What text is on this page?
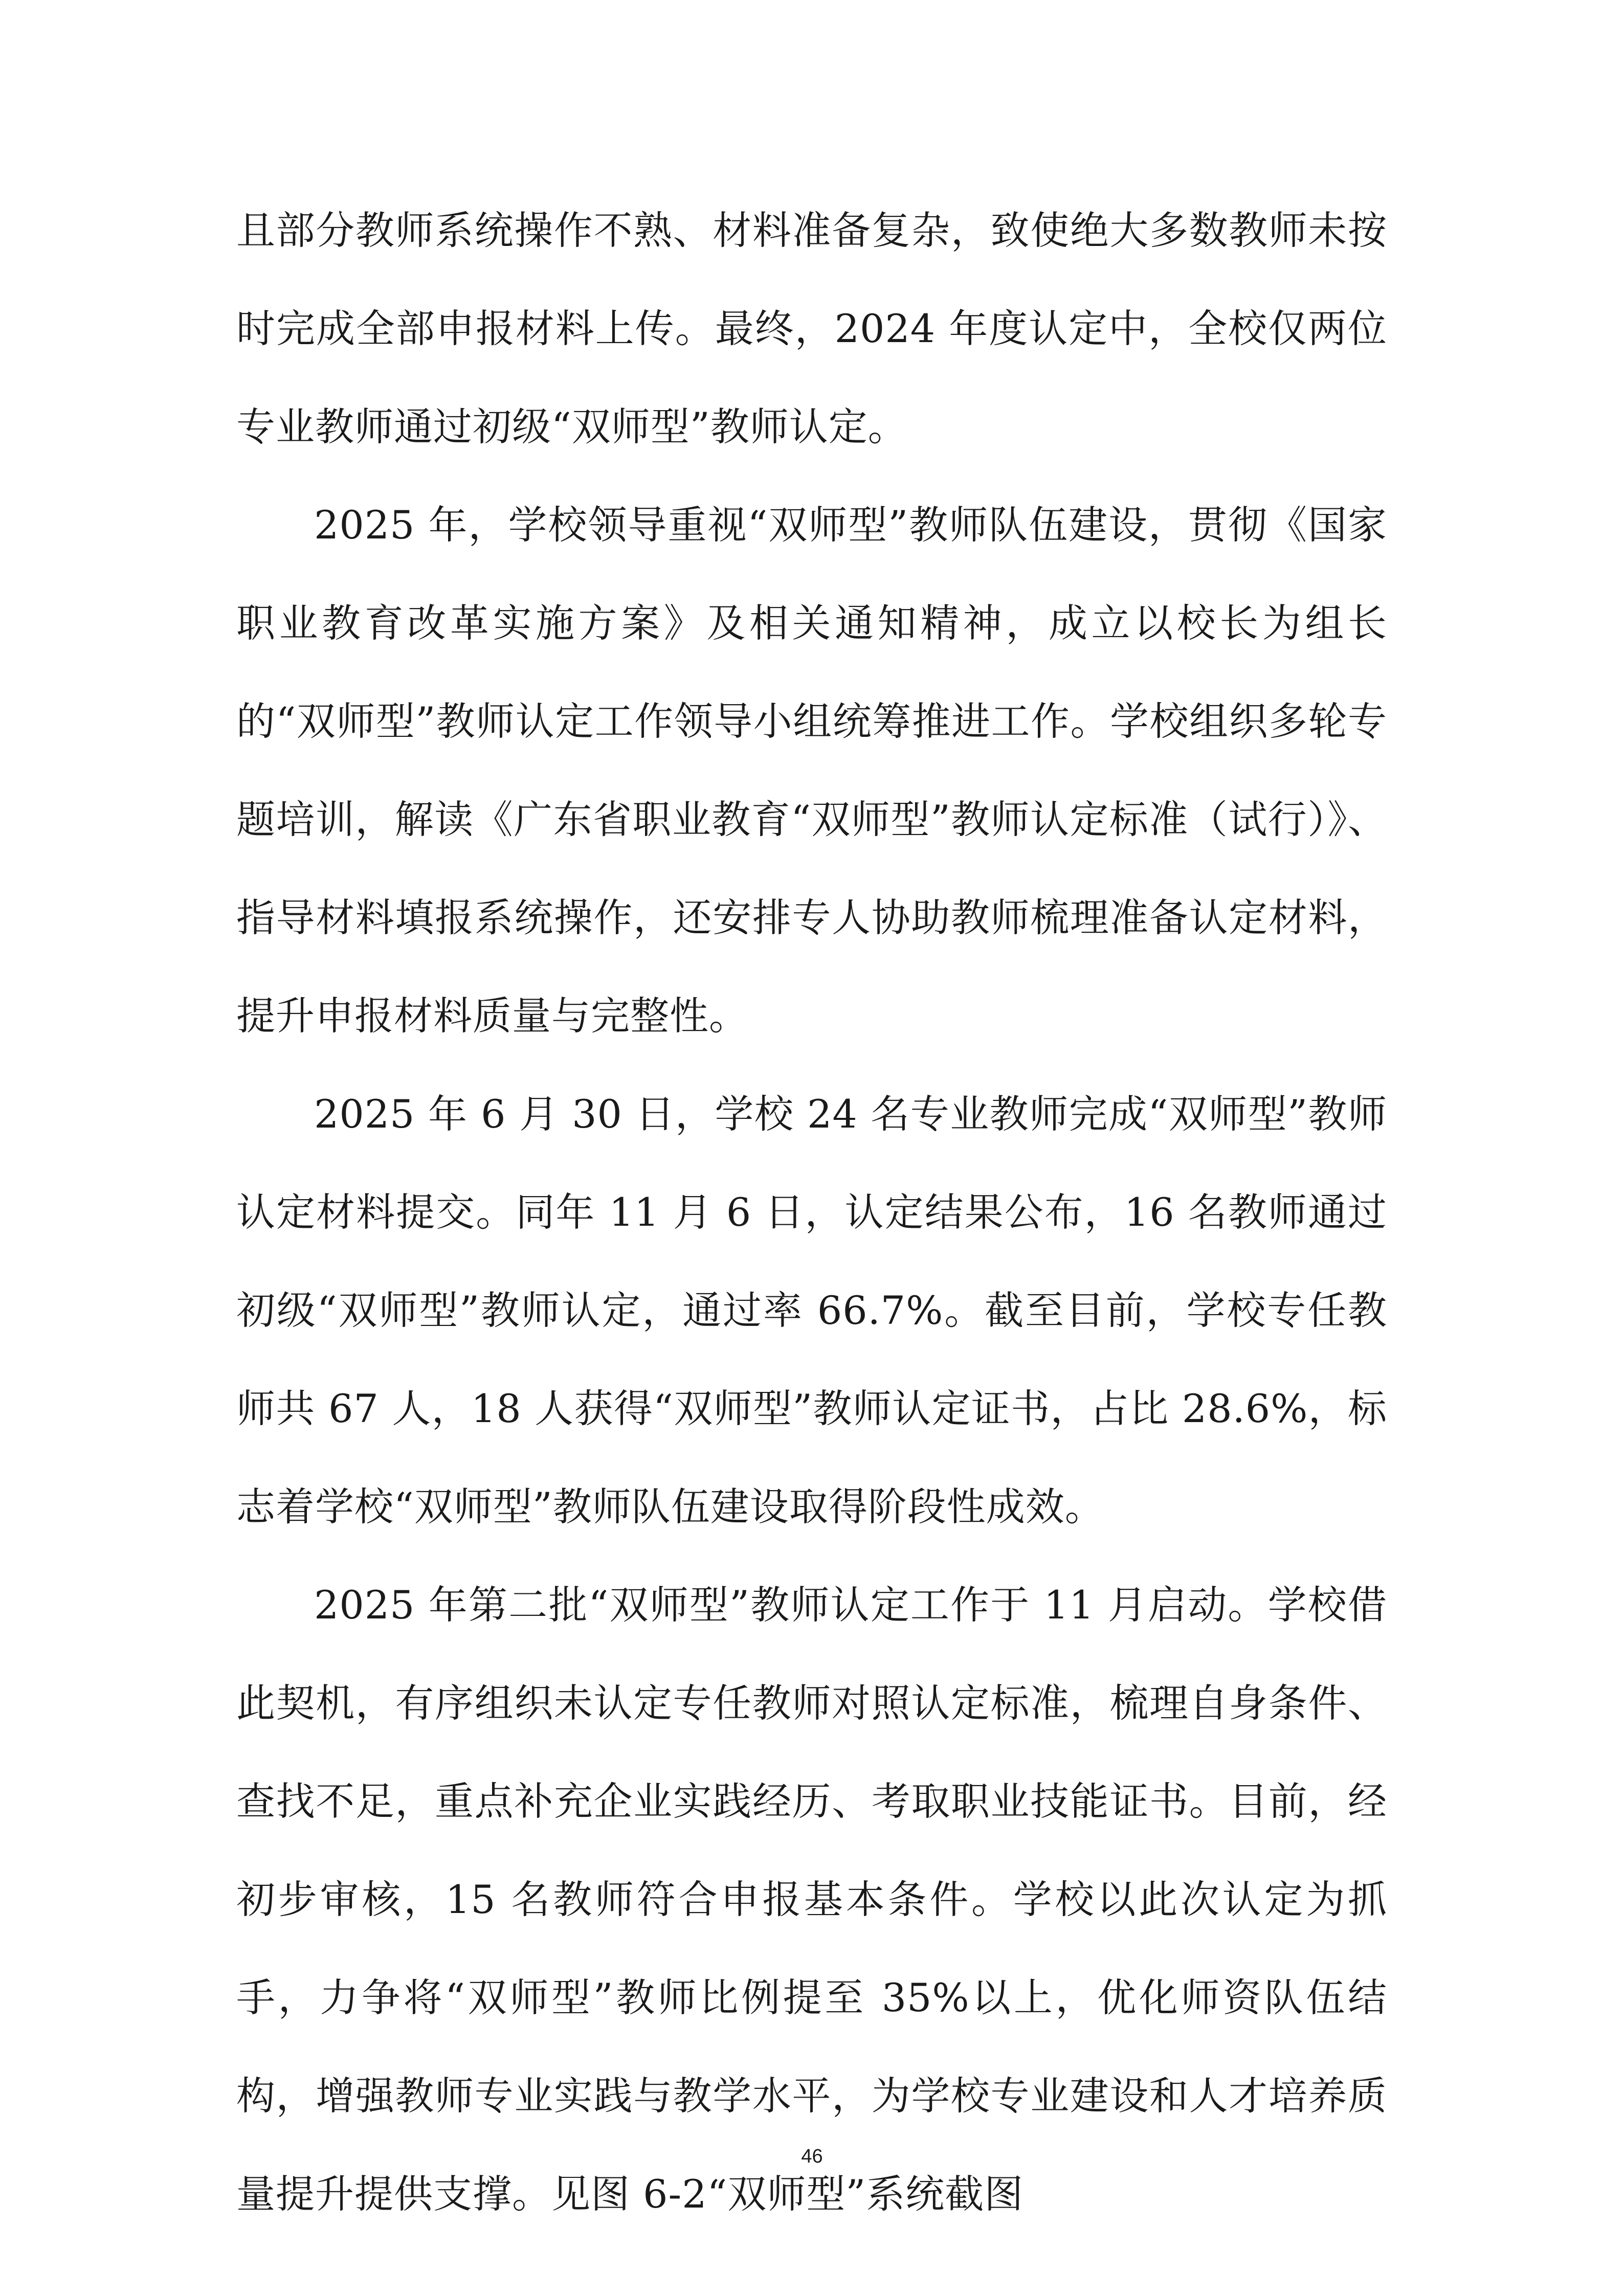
且部分教师系统操作不熟、材料准备复杂，致使绝大多数教师未按时完成全部申报材料上传。最终，2024 年度认定中，全校仅两位专业教师通过初级“双师型”教师认定。

2025 年，学校领导重视“双师型”教师队伍建设，贯彻《国家职业教育改革实施方案》及相关通知精神，成立以校长为组长的“双师型”教师认定工作领导小组统筹推进工作。学校组织多轮专题培训，解读《广东省职业教育“双师型”教师认定标准（试行）》、指导材料填报系统操作，还安排专人协助教师梳理准备认定材料，提升申报材料质量与完整性。

2025 年 6 月 30 日，学校 24 名专业教师完成“双师型”教师认定材料提交。同年 11 月 6 日，认定结果公布，16 名教师通过初级“双师型”教师认定，通过率 66.7%。截至目前，学校专任教师共 67 人，18 人获得“双师型”教师认定证书，占比 28.6%，标志着学校“双师型”教师队伍建设取得阶段性成效。

2025 年第二批“双师型”教师认定工作于 11 月启动。学校借此契机，有序组织未认定专任教师对照认定标准，梳理自身条件、查找不足，重点补充企业实践经历、考取职业技能证书。目前，经初步审核，15 名教师符合申报基本条件。学校以此次认定为抓手，力争将“双师型”教师比例提至 35%以上，优化师资队伍结构，增强教师专业实践与教学水平，为学校专业建设和人才培养质量提升提供支撑。见图 6-2“双师型”系统截图

46
